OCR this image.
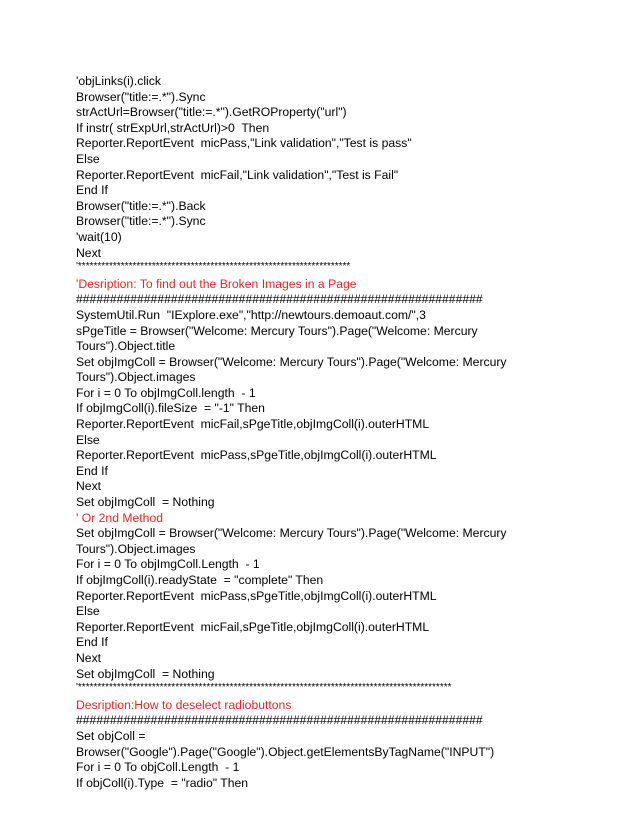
'objLinks(i).click
Browser("title:=.*").Sync
strActUrl=Browser("title:=.*").GetROProperty("url")
If instr( strExpUrl,strActUrl)>0  Then
Reporter.ReportEvent  micPass,"Link validation","Test is pass"
Else
Reporter.ReportEvent  micFail,"Link validation","Test is Fail"
End If
Browser("title:=.*").Back
Browser("title:=.*").Sync
'wait(10)
Next
'**********************************************************************
'Desription: To find out the Broken Images in a Page
############################################################
SystemUtil.Run  "IExplore.exe","http://newtours.demoaut.com/",3
sPgeTitle = Browser("Welcome: Mercury Tours").Page("Welcome: Mercury
Tours").Object.title
Set objImgColl = Browser("Welcome: Mercury Tours").Page("Welcome: Mercury
Tours").Object.images
For i = 0 To objImgColl.length  - 1
If objImgColl(i).fileSize  = "-1" Then
Reporter.ReportEvent  micFail,sPgeTitle,objImgColl(i).outerHTML
Else
Reporter.ReportEvent  micPass,sPgeTitle,objImgColl(i).outerHTML
End If
Next
Set objImgColl  = Nothing
' Or 2nd Method
Set objImgColl = Browser("Welcome: Mercury Tours").Page("Welcome: Mercury
Tours").Object.images
For i = 0 To objImgColl.Length  - 1
If objImgColl(i).readyState  = "complete" Then
Reporter.ReportEvent  micPass,sPgeTitle,objImgColl(i).outerHTML
Else
Reporter.ReportEvent  micFail,sPgeTitle,objImgColl(i).outerHTML
End If
Next
Set objImgColl  = Nothing
'************************************************************************************************
Desription:How to deselect radiobuttons
############################################################
Set objColl =
Browser("Google").Page("Google").Object.getElementsByTagName("INPUT")
For i = 0 To objColl.Length  - 1
If objColl(i).Type  = "radio" Then
